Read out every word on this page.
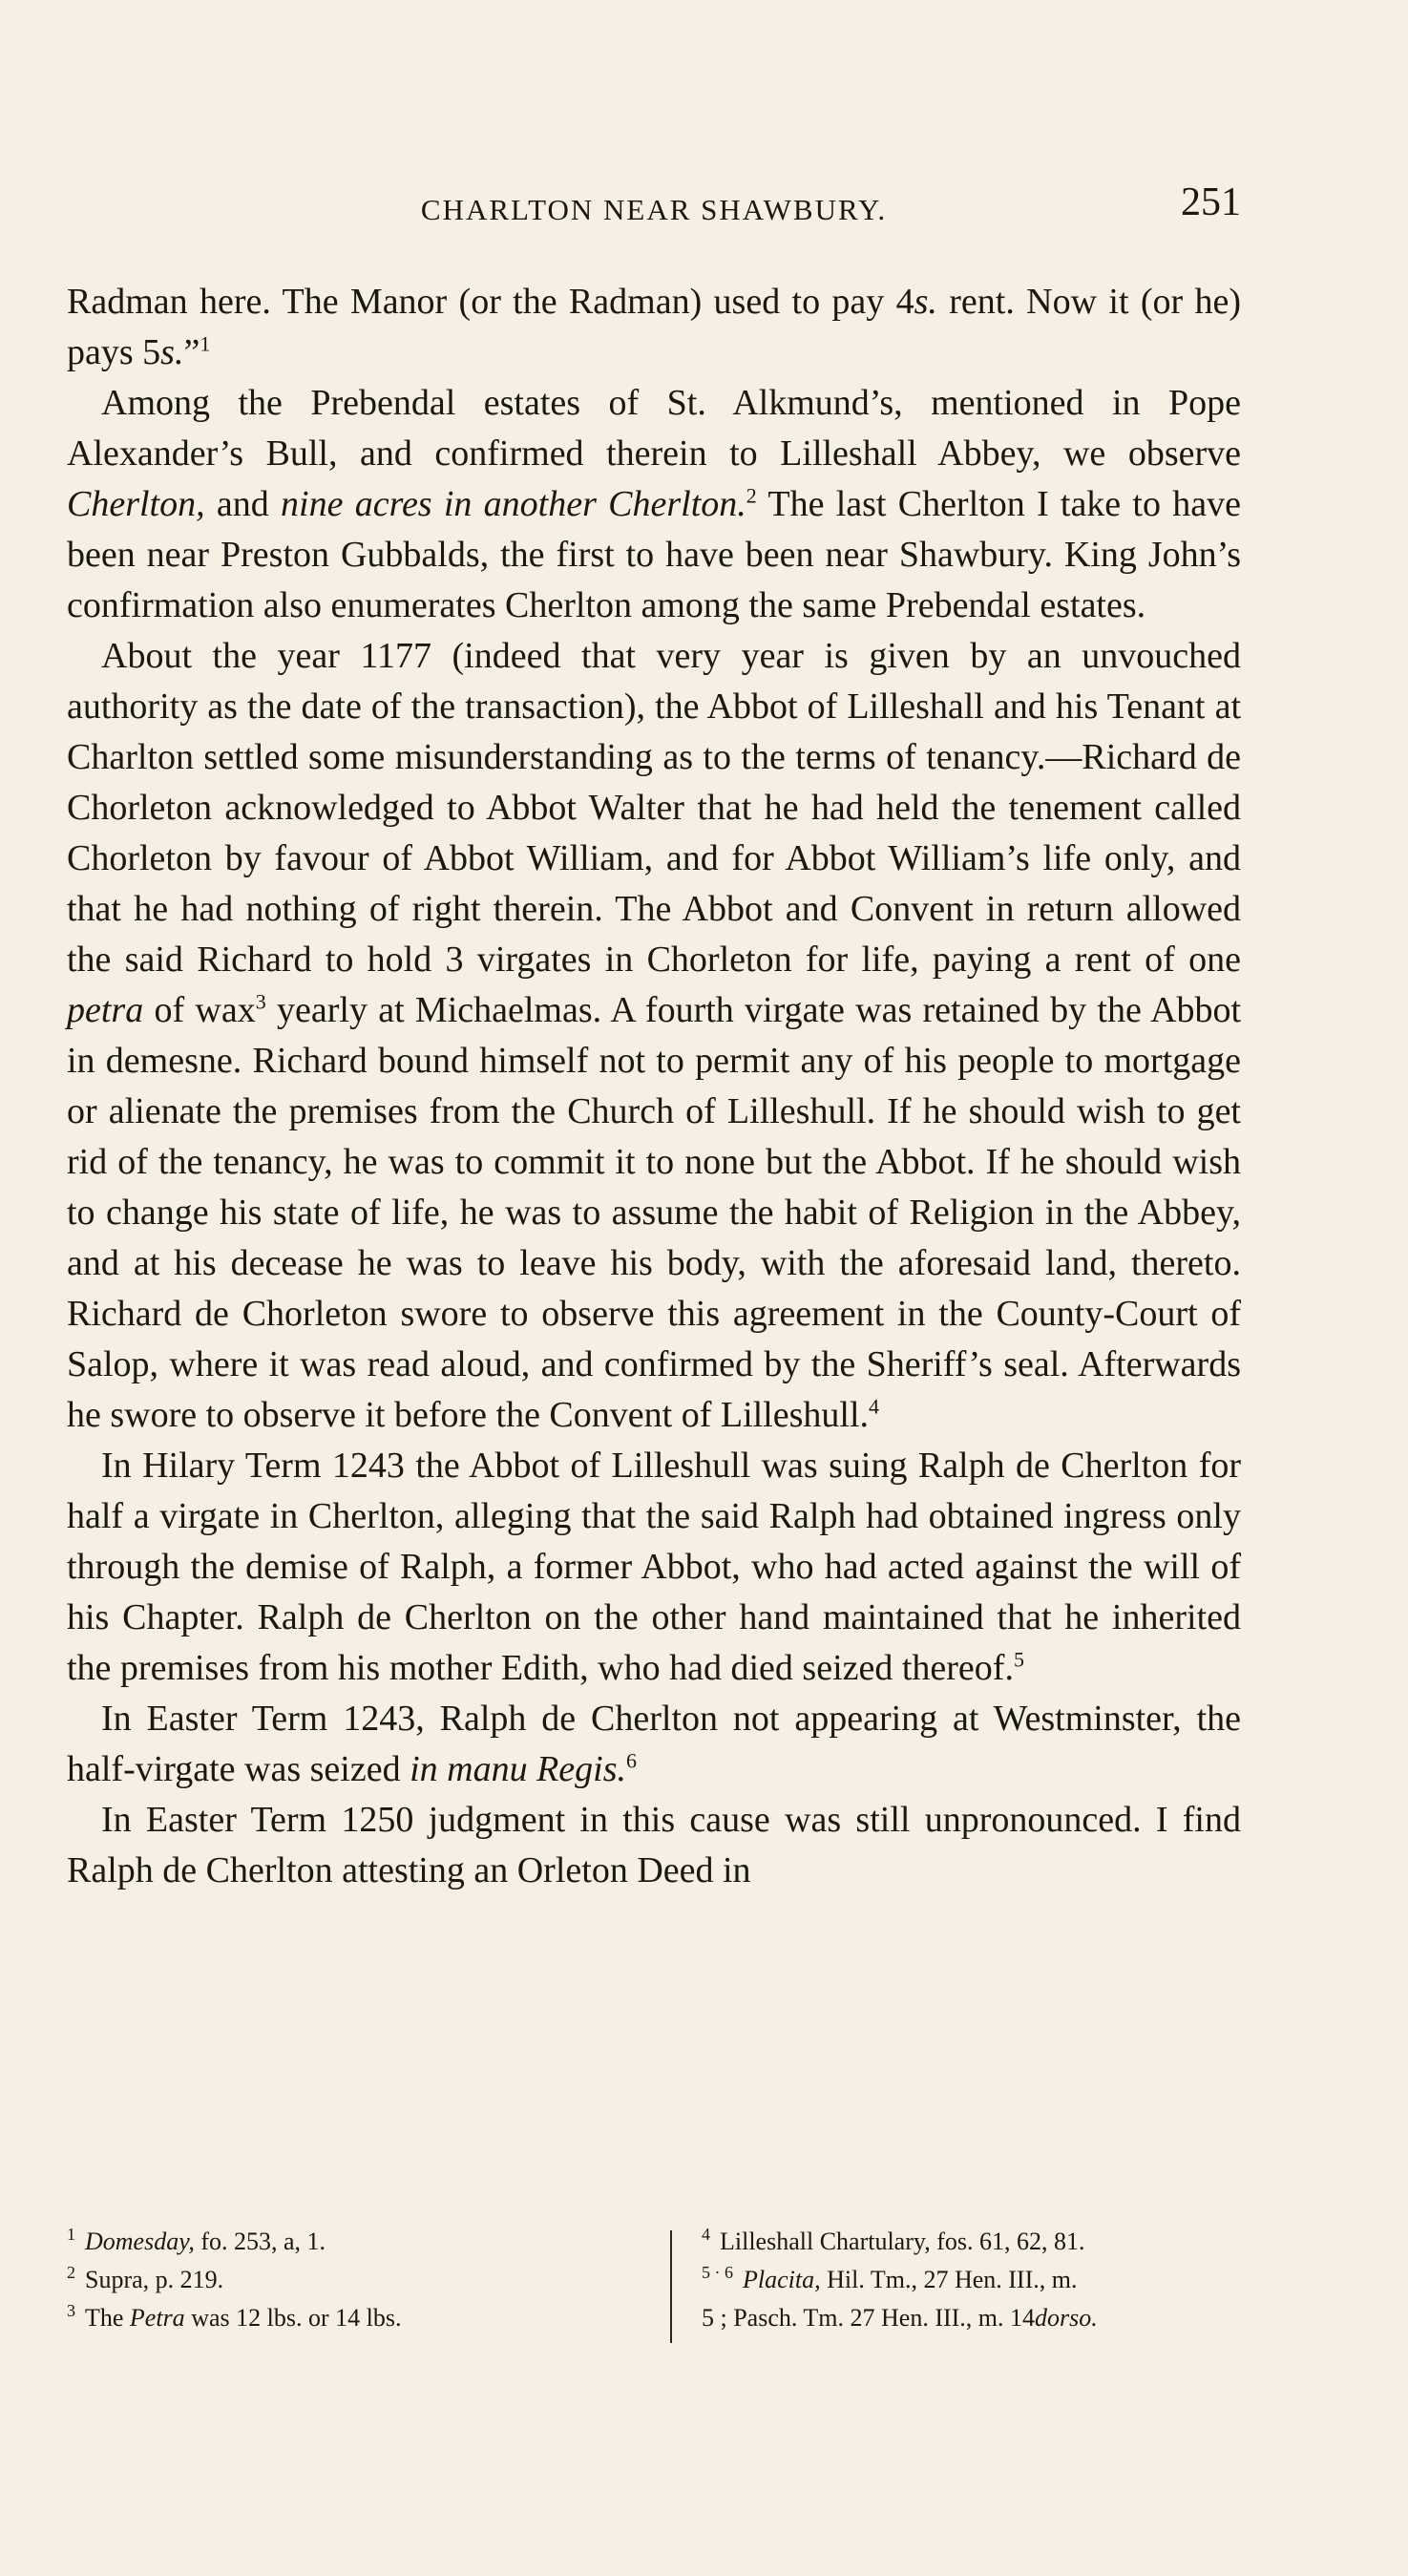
CHARLTON NEAR SHAWBURY.	251

Radman here. The Manor (or the Radman) used to pay 4s. rent. Now it (or he) pays 5s.”$^1$

Among the Prebendal estates of St. Alkmund’s, mentioned in Pope Alexander’s Bull, and confirmed therein to Lilleshall Abbey, we observe Cherlton, and nine acres in another Cherlton.$^2$ The last Cherlton I take to have been near Preston Gubbalds, the first to have been near Shawbury. King John’s confirmation also enumerates Cherlton among the same Prebendal estates.

About the year 1177 (indeed that very year is given by an unvouched authority as the date of the transaction), the Abbot of Lilleshall and his Tenant at Charlton settled some misunderstanding as to the terms of tenancy.—Richard de Chorleton acknowledged to Abbot Walter that he had held the tenement called Chorleton by favour of Abbot William, and for Abbot William’s life only, and that he had nothing of right therein. The Abbot and Convent in return allowed the said Richard to hold 3 virgates in Chorleton for life, paying a rent of one petra of wax$^3$ yearly at Michaelmas. A fourth virgate was retained by the Abbot in demesne. Richard bound himself not to permit any of his people to mortgage or alienate the premises from the Church of Lilleshull. If he should wish to get rid of the tenancy, he was to commit it to none but the Abbot. If he should wish to change his state of life, he was to assume the habit of Religion in the Abbey, and at his decease he was to leave his body, with the aforesaid land, thereto. Richard de Chorleton swore to observe this agreement in the County-Court of Salop, where it was read aloud, and confirmed by the Sheriff’s seal. Afterwards he swore to observe it before the Convent of Lilleshull.$^4$

In Hilary Term 1243 the Abbot of Lilleshull was suing Ralph de Cherlton for half a virgate in Cherlton, alleging that the said Ralph had obtained ingress only through the demise of Ralph, a former Abbot, who had acted against the will of his Chapter. Ralph de Cherlton on the other hand maintained that he inherited the premises from his mother Edith, who had died seized thereof.$^5$

In Easter Term 1243, Ralph de Cherlton not appearing at Westminster, the half-virgate was seized in manu Regis.$^6$

In Easter Term 1250 judgment in this cause was still unpronounced. I find Ralph de Cherlton attesting an Orleton Deed in

$^1$ Domesday, fo. 253, a, 1.
$^2$ Supra, p. 219.
$^3$ The Petra was 12 lbs. or 14 lbs.
$^4$ Lilleshall Chartulary, fos. 61, 62, 81.
$^{5 \cdot 6}$ Placita, Hil. Tm., 27 Hen. III., m.
5 ; Pasch. Tm. 27 Hen. III., m. 14dorso.
